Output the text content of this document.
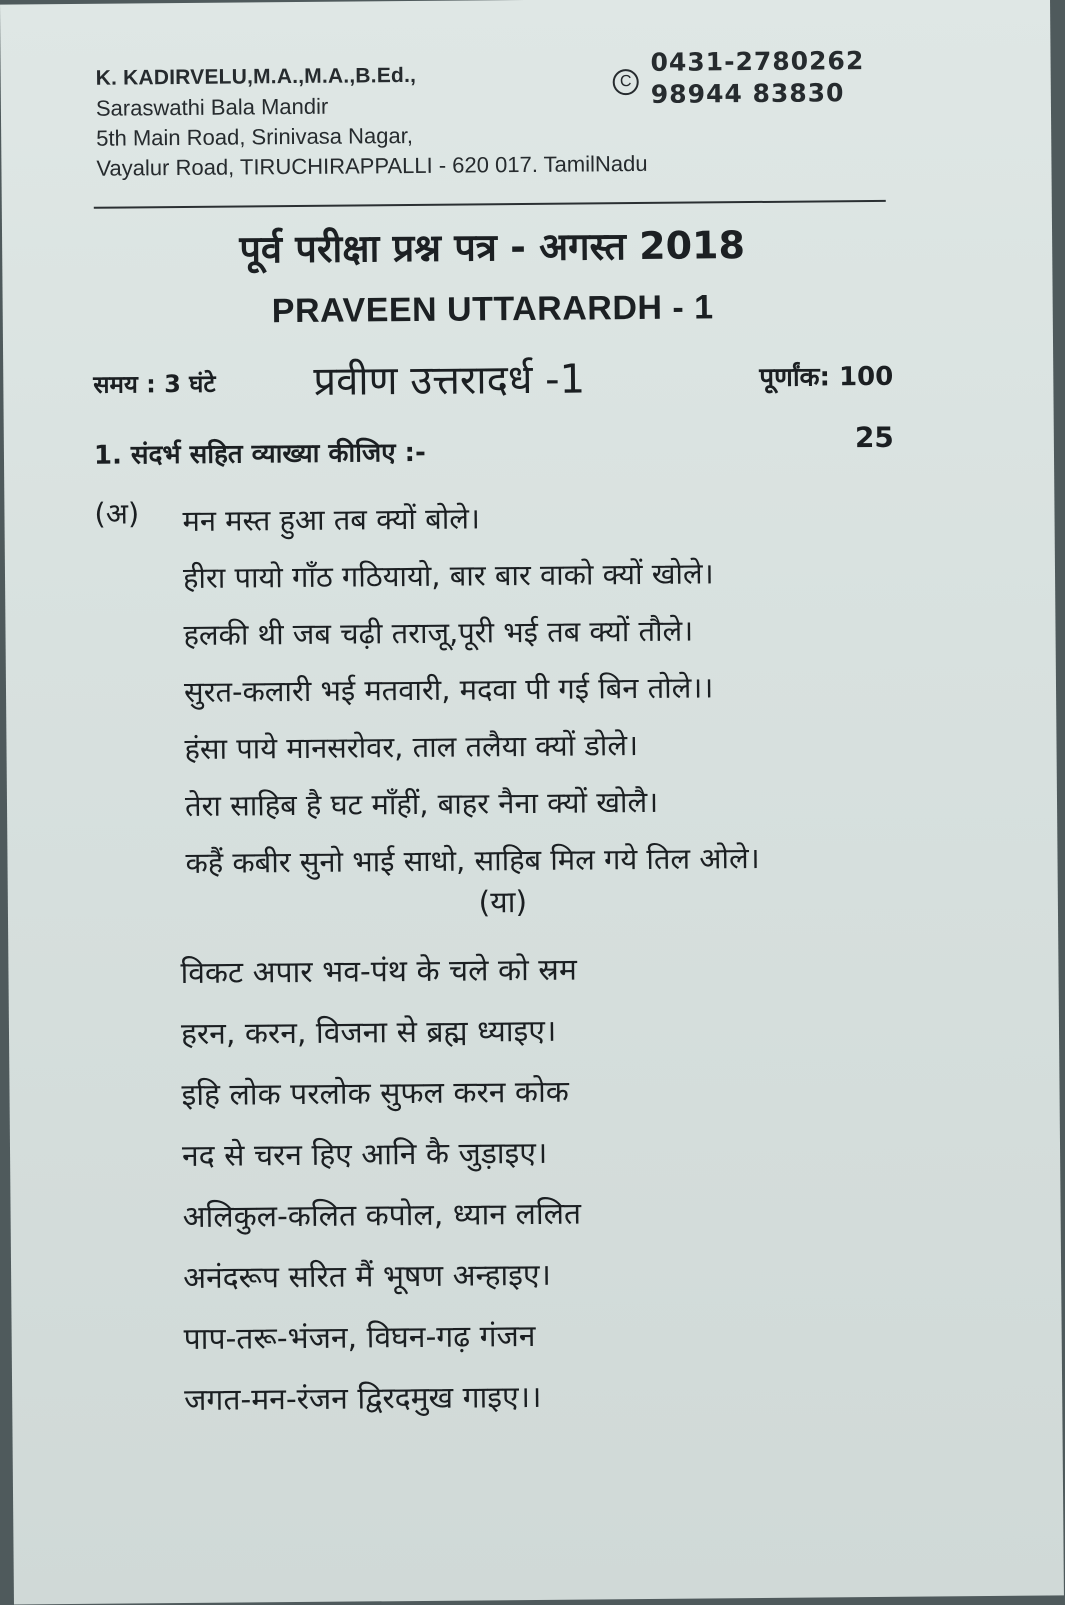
K. KADIRVELU,M.A.,M.A.,B.Ed.,
Saraswathi Bala Mandir
5th Main Road, Srinivasa Nagar,
Vayalur Road, TIRUCHIRAPPALLI - 620 017. TamilNadu
C
0431-2780262
98944 83830
पूर्व परीक्षा प्रश्न पत्र - अगस्त 2018
PRAVEEN UTTARARDH - 1
समय : 3 घंटे प्रवीण उत्तरादर्ध -1	पूर्णांक: 100
1. संदर्भ सहित व्याख्या कीजिए :-
25
(अ) मन मस्त हुआ तब क्यों बोले।
हीरा पायो गाँठ गठियायो, बार बार वाको क्यों खोले।
हलकी थी जब चढ़ी तराजू,पूरी भई तब क्यों तौले।
सुरत-कलारी भई मतवारी, मदवा पी गई बिन तोले।।
हंसा पाये मानसरोवर, ताल तलैया क्यों डोले।
तेरा साहिब है घट माँहीं, बाहर नैना क्यों खोलै।
कहैं कबीर सुनो भाई साधो, साहिब मिल गये तिल ओले।
(या)
विकट अपार भव-पंथ के चले को स्रम
हरन, करन, विजना से ब्रह्म ध्याइए।
इहि लोक परलोक सुफल करन कोक
नद से चरन हिए आनि कै जुड़ाइए।
अलिकुल-कलित कपोल, ध्यान ललित
अनंदरूप सरित मैं भूषण अन्हाइए।
पाप-तरू-भंजन, विघन-गढ़ गंजन
जगत-मन-रंजन द्विरदमुख गाइए।।
